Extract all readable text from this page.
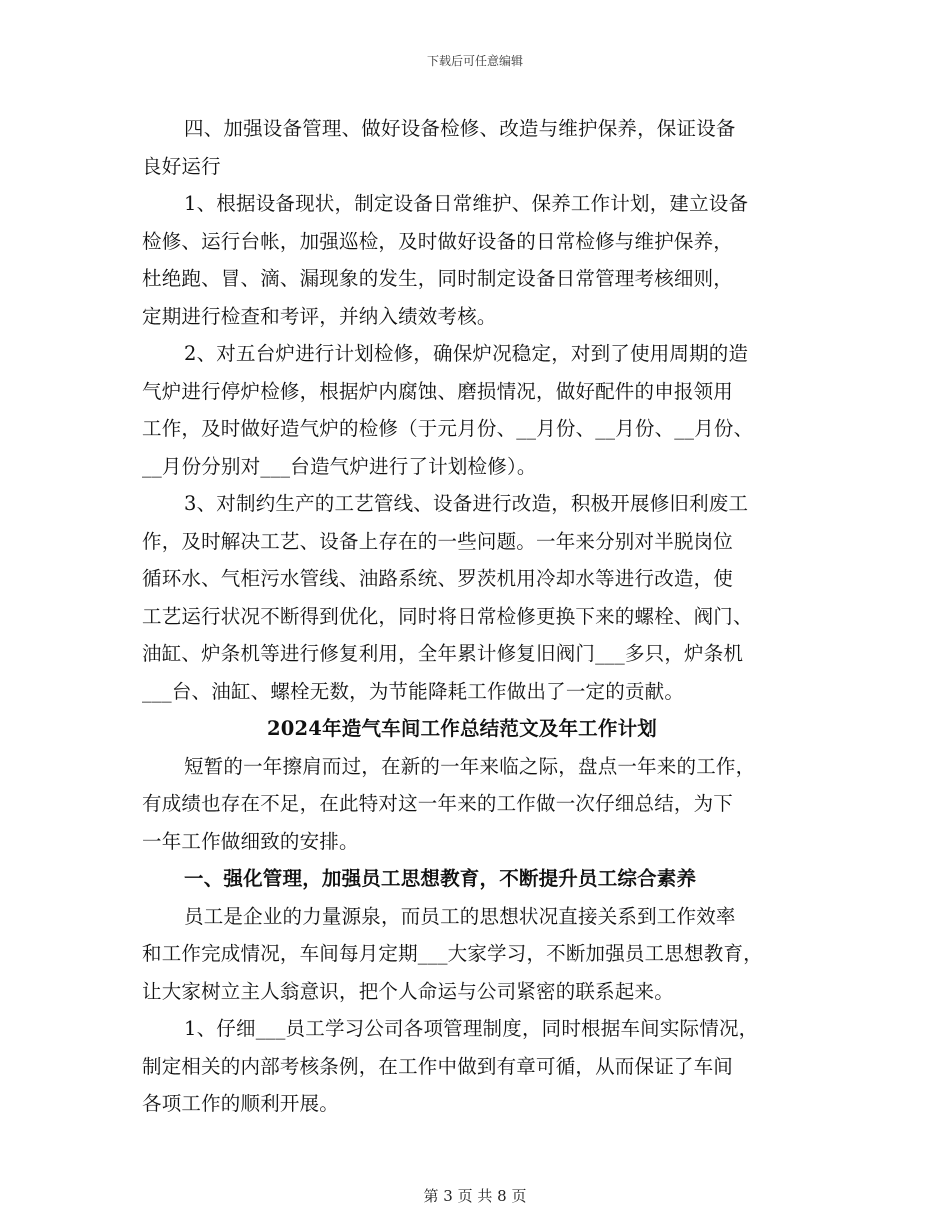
下载后可任意编辑
四、加强设备管理、做好设备检修、改造与维护保养，保证设备
良好运行
1、根据设备现状，制定设备日常维护、保养工作计划，建立设备
检修、运行台帐，加强巡检，及时做好设备的日常检修与维护保养，
杜绝跑、冒、滴、漏现象的发生，同时制定设备日常管理考核细则，
定期进行检查和考评，并纳入绩效考核。
2、对五台炉进行计划检修，确保炉况稳定，对到了使用周期的造
气炉进行停炉检修，根据炉内腐蚀、磨损情况，做好配件的申报领用
工作，及时做好造气炉的检修（于元月份、__月份、__月份、__月份、
__月份分别对___台造气炉进行了计划检修）。
3、对制约生产的工艺管线、设备进行改造，积极开展修旧利废工
作，及时解决工艺、设备上存在的一些问题。一年来分别对半脱岗位
循环水、气柜污水管线、油路系统、罗茨机用冷却水等进行改造，使
工艺运行状况不断得到优化，同时将日常检修更换下来的螺栓、阀门、
油缸、炉条机等进行修复利用，全年累计修复旧阀门___多只，炉条机
___台、油缸、螺栓无数，为节能降耗工作做出了一定的贡献。
2024年造气车间工作总结范文及年工作计划
短暂的一年擦肩而过，在新的一年来临之际，盘点一年来的工作，
有成绩也存在不足，在此特对这一年来的工作做一次仔细总结，为下
一年工作做细致的安排。
一、强化管理，加强员工思想教育，不断提升员工综合素养
员工是企业的力量源泉，而员工的思想状况直接关系到工作效率
和工作完成情况，车间每月定期___大家学习，不断加强员工思想教育，
让大家树立主人翁意识，把个人命运与公司紧密的联系起来。
1、仔细___员工学习公司各项管理制度，同时根据车间实际情况，
制定相关的内部考核条例，在工作中做到有章可循，从而保证了车间
各项工作的顺利开展。
第 3 页 共 8 页
